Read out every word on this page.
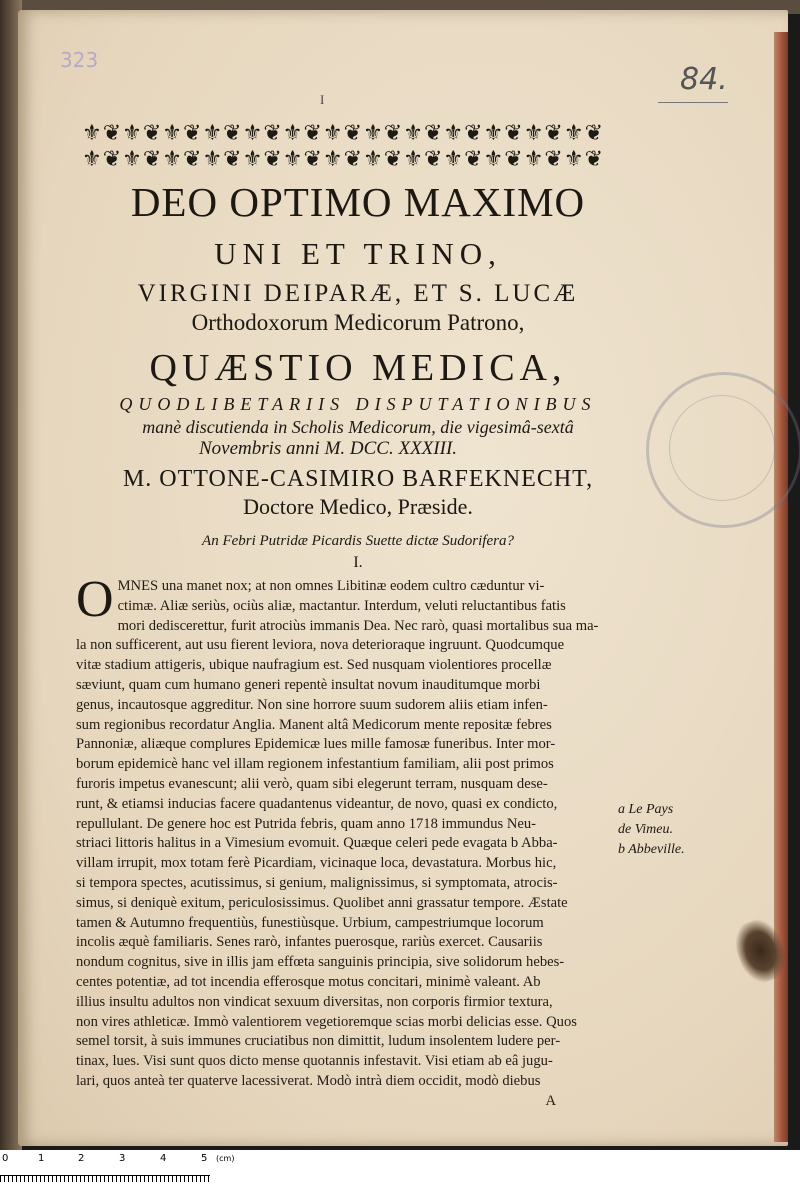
323
84.
I
⚜❦⚜❦⚜❦⚜❦⚜❦⚜❦⚜❦⚜❦⚜❦⚜❦⚜❦⚜❦⚜❦
⚜❦⚜❦⚜❦⚜❦⚜❦⚜❦⚜❦⚜❦⚜❦⚜❦⚜❦⚜❦⚜❦
DEO OPTIMO MAXIMO
UNI ET TRINO,
VIRGINI DEIPARÆ, ET S. LUCÆ
Orthodoxorum Medicorum Patrono,
QUÆSTIO MEDICA,
QUODLIBETARIIS DISPUTATIONIBUS
manè discutienda in Scholis Medicorum, die vigesimâ-sextâ
Novembris anni M. DCC. XXXIII.
M. OTTONE-CASIMIRO BARFEKNECHT,
Doctore Medico, Præside.
An Febri Putridæ Picardis Suette dictæ Sudorifera?
I.
O MNES una manet nox; at non omnes Libitinæ eodem cultro cæduntur vi-
ctimæ. Aliæ seriùs, ociùs aliæ, mactantur. Interdum, veluti reluctantibus fatis
mori dediscerettur, furit atrociùs immanis Dea. Nec rarò, quasi mortalibus sua ma-
la non sufficerent, aut usu fierent leviora, nova deterioraque ingruunt. Quodcumque
vitæ stadium attigeris, ubique naufragium est. Sed nusquam violentiores procellæ
sæviunt, quam cum humano generi repentè insultat novum inauditumque morbi
genus, incautosque aggreditur. Non sine horrore suum sudorem aliis etiam infen-
sum regionibus recordatur Anglia. Manent altâ Medicorum mente repositæ febres
Pannoniæ, aliæque complures Epidemicæ lues mille famosæ funeribus. Inter mor-
borum epidemicè hanc vel illam regionem infestantium familiam, alii post primos
furoris impetus evanescunt; alii verò, quam sibi elegerunt terram, nusquam dese-
runt, & etiamsi inducias facere quadantenus videantur, de novo, quasi ex condicto,
repullulant. De genere hoc est Putrida febris, quam anno 1718 immundus Neu-
striaci littoris halitus in a Vimesium evomuit. Quæque celeri pede evagata b Abba-
villam irrupit, mox totam ferè Picardiam, vicinaque loca, devastatura. Morbus hic,
si tempora spectes, acutissimus, si genium, malignissimus, si symptomata, atrocis-
simus, si deniquè exitum, periculosissimus. Quolibet anni grassatur tempore. Æstate
tamen & Autumno frequentiùs, funestiùsque. Urbium, campestriumque locorum
incolis æquè familiaris. Senes rarò, infantes puerosque, rariùs exercet. Causariis
nondum cognitus, sive in illis jam effœta sanguinis principia, sive solidorum hebes-
centes potentiæ, ad tot incendia efferosque motus concitari, minimè valeant. Ab
illius insultu adultos non vindicat sexuum diversitas, non corporis firmior textura,
non vires athleticæ. Immò valentiorem vegetioremque scias morbi delicias esse. Quos
semel torsit, à suis immunes cruciatibus non dimittit, ludum insolentem ludere per-
tinax, lues. Visi sunt quos dicto mense quotannis infestavit. Visi etiam ab eâ jugu-
lari, quos anteà ter quaterve lacessiverat. Modò intrà diem occidit, modò diebus
A
a Le Pays
de Vimeu.
b Abbeville.
0	1	2	3	4	5 (cm)
